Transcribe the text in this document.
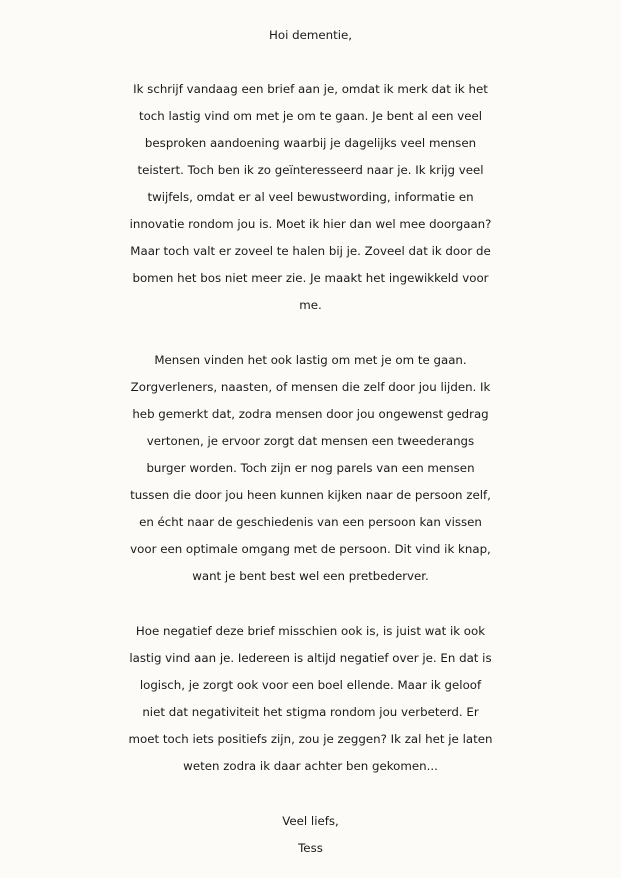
Hoi dementie,
Ik schrijf vandaag een brief aan je, omdat ik merk dat ik het
toch lastig vind om met je om te gaan. Je bent al een veel
besproken aandoening waarbij je dagelijks veel mensen
teistert. Toch ben ik zo geïnteresseerd naar je. Ik krijg veel
twijfels, omdat er al veel bewustwording, informatie en
innovatie rondom jou is. Moet ik hier dan wel mee doorgaan?
Maar toch valt er zoveel te halen bij je. Zoveel dat ik door de
bomen het bos niet meer zie. Je maakt het ingewikkeld voor
me.
Mensen vinden het ook lastig om met je om te gaan.
Zorgverleners, naasten, of mensen die zelf door jou lijden. Ik
heb gemerkt dat, zodra mensen door jou ongewenst gedrag
vertonen, je ervoor zorgt dat mensen een tweederangs
burger worden. Toch zijn er nog parels van een mensen
tussen die door jou heen kunnen kijken naar de persoon zelf,
en écht naar de geschiedenis van een persoon kan vissen
voor een optimale omgang met de persoon. Dit vind ik knap,
want je bent best wel een pretbederver.
Hoe negatief deze brief misschien ook is, is juist wat ik ook
lastig vind aan je. Iedereen is altijd negatief over je. En dat is
logisch, je zorgt ook voor een boel ellende. Maar ik geloof
niet dat negativiteit het stigma rondom jou verbeterd. Er
moet toch iets positiefs zijn, zou je zeggen? Ik zal het je laten
weten zodra ik daar achter ben gekomen...
Veel liefs,
Tess
